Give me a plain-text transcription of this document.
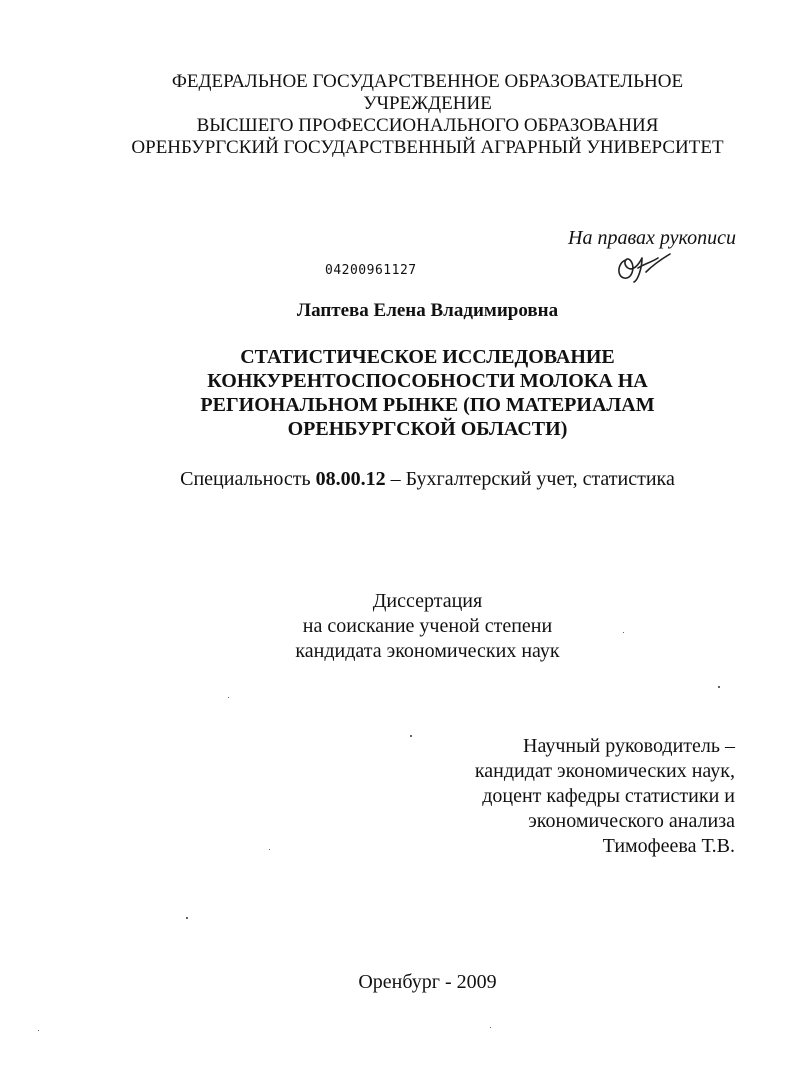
ФЕДЕРАЛЬНОЕ ГОСУДАРСТВЕННОЕ ОБРАЗОВАТЕЛЬНОЕ
УЧРЕЖДЕНИЕ
ВЫСШЕГО ПРОФЕССИОНАЛЬНОГО ОБРАЗОВАНИЯ
ОРЕНБУРГСКИЙ ГОСУДАРСТВЕННЫЙ АГРАРНЫЙ УНИВЕРСИТЕТ
На правах рукописи
04200961127
Лаптева Елена Владимировна
СТАТИСТИЧЕСКОЕ ИССЛЕДОВАНИЕ
КОНКУРЕНТОСПОСОБНОСТИ МОЛОКА НА
РЕГИОНАЛЬНОМ РЫНКЕ (ПО МАТЕРИАЛАМ
ОРЕНБУРГСКОЙ ОБЛАСТИ)
Специальность 08.00.12 – Бухгалтерский учет, статистика
Диссертация
на соискание ученой степени
кандидата экономических наук
Научный руководитель –
кандидат экономических наук,
доцент кафедры статистики и
экономического анализа
Тимофеева Т.В.
Оренбург - 2009
